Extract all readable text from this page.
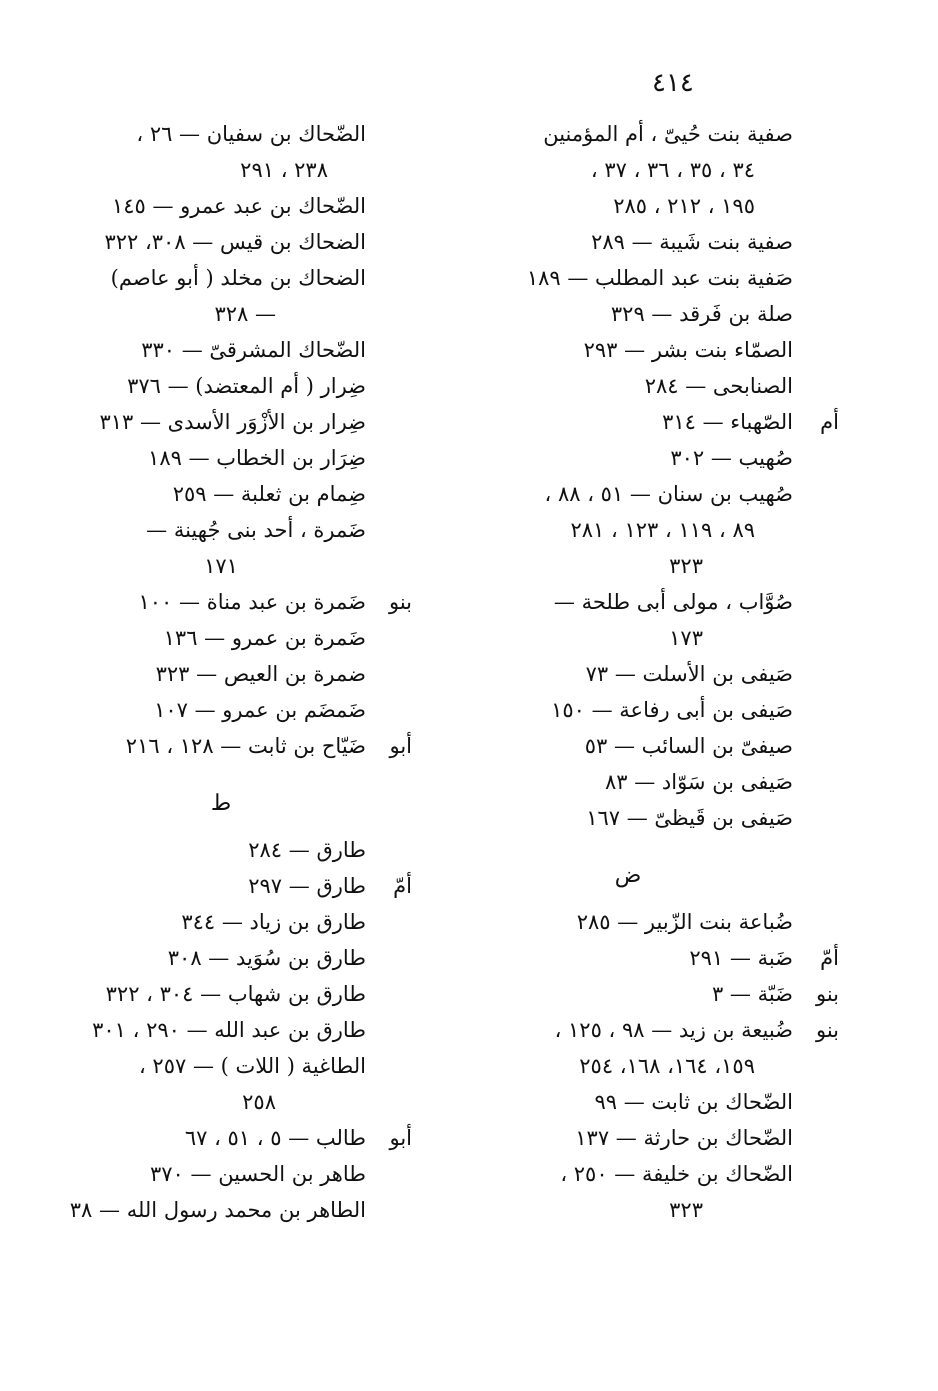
٤١٤
صفية بنت حُيىّ ، أم المؤمنين
٣٤ ، ٣٥ ، ٣٦ ، ٣٧ ،
١٩٥ ، ٢١٢ ، ٢٨٥
صفية بنت شَيبة — ٢٨٩
صَفية بنت عبد المطلب — ١٨٩
صلة بن فَرقد — ٣٢٩
الصمّاء بنت بشر — ٢٩٣
الصنابحى — ٢٨٤
أم
الصّهباء — ٣١٤
صُهيب — ٣٠٢
صُهيب بن سنان — ٥١ ، ٨٨ ،
٨٩ ، ١١٩ ، ١٢٣ ، ٢٨١
٣٢٣
صُوَّاب ، مولى أبى طلحة —
١٧٣
صَيفى بن الأسلت — ٧٣
صَيفى بن أبى رفاعة — ١٥٠
صيفىّ بن السائب — ٥٣
صَيفى بن سَوّاد — ٨٣
صَيفى بن قَيظىّ — ١٦٧
ض
ضُباعة بنت الزّبير — ٢٨٥
أمّ
ضَبة — ٢٩١
بنو
ضَبّة — ٣
بنو
ضُبيعة بن زيد — ٩٨ ، ١٢٥ ،
١٥٩، ١٦٤، ١٦٨، ٢٥٤
الضّحاك بن ثابت — ٩٩
الضّحاك بن حارثة — ١٣٧
الضّحاك بن خليفة — ٢٥٠ ،
٣٢٣
الضّحاك بن سفيان — ٢٦ ،
٢٣٨ ، ٢٩١
الضّحاك بن عبد عمرو — ١٤٥
الضحاك بن قيس — ٣٠٨، ٣٢٢
الضحاك بن مخلد ( أبو عاصم)
— ٣٢٨
الضّحاك المشرقىّ — ٣٣٠
ضِرار ( أم المعتضد) — ٣٧٦
ضِرار بن الأزْوَر الأسدى — ٣١٣
ضِرَار بن الخطاب — ١٨٩
ضِمام بن ثعلبة — ٢٥٩
ضَمرة ، أحد بنى جُهينة —
١٧١
بنو
ضَمرة بن عبد مناة — ١٠٠
ضَمرة بن عمرو — ١٣٦
ضمرة بن العيص — ٣٢٣
ضَمضَم بن عمرو — ١٠٧
أبو
ضَيّاح بن ثابت — ١٢٨ ، ٢١٦
ط
طارق — ٢٨٤
أمّ
طارق — ٢٩٧
طارق بن زياد — ٣٤٤
طارق بن سُوَيد — ٣٠٨
طارق بن شهاب — ٣٠٤ ، ٣٢٢
طارق بن عبد الله — ٢٩٠ ، ٣٠١
الطاغية ( اللات ) — ٢٥٧ ،
٢٥٨
أبو
طالب — ٥ ، ٥١ ، ٦٧
طاهر بن الحسين — ٣٧٠
الطاهر بن محمد رسول الله — ٣٨
